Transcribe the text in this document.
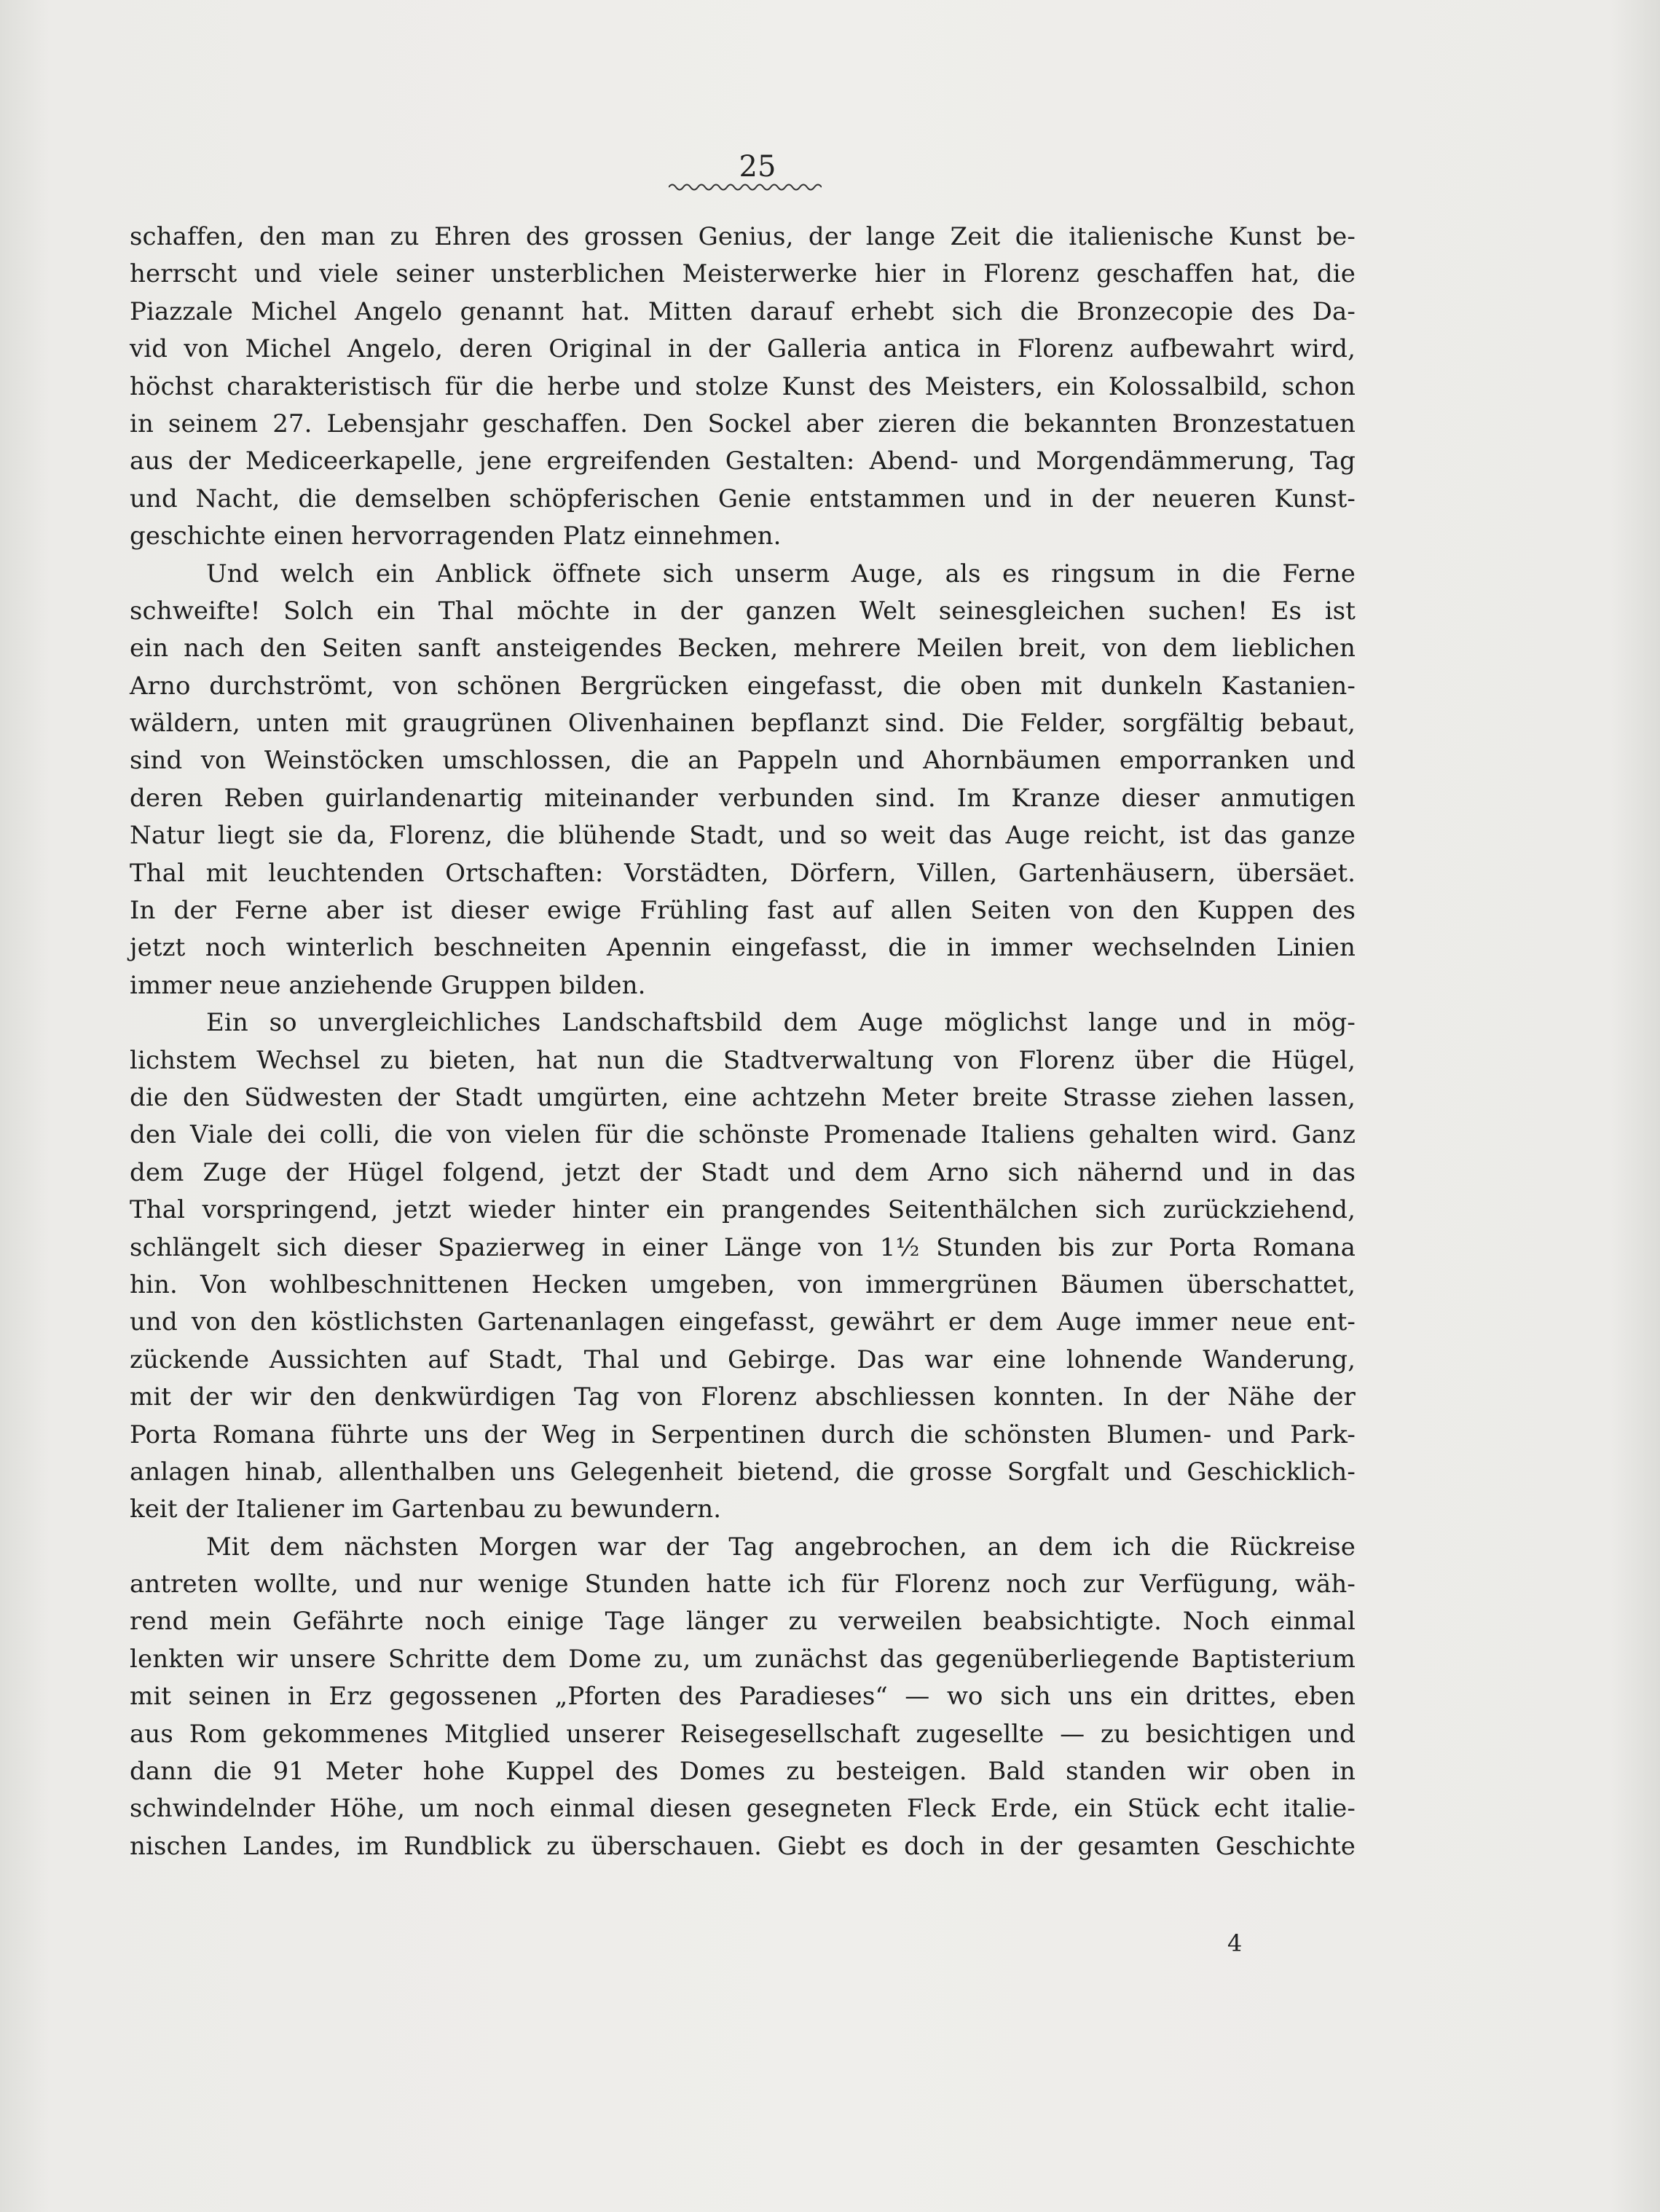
25
schaffen, den man zu Ehren des grossen Genius, der lange Zeit die italienische Kunst be-
herrscht und viele seiner unsterblichen Meisterwerke hier in Florenz geschaffen hat, die
Piazzale Michel Angelo genannt hat. Mitten darauf erhebt sich die Bronzecopie des Da-
vid von Michel Angelo, deren Original in der Galleria antica in Florenz aufbewahrt wird,
höchst charakteristisch für die herbe und stolze Kunst des Meisters, ein Kolossalbild, schon
in seinem 27. Lebensjahr geschaffen. Den Sockel aber zieren die bekannten Bronzestatuen
aus der Mediceerkapelle, jene ergreifenden Gestalten: Abend- und Morgendämmerung, Tag
und Nacht, die demselben schöpferischen Genie entstammen und in der neueren Kunst-
geschichte einen hervorragenden Platz einnehmen.
Und welch ein Anblick öffnete sich unserm Auge, als es ringsum in die Ferne
schweifte! Solch ein Thal möchte in der ganzen Welt seinesgleichen suchen! Es ist
ein nach den Seiten sanft ansteigendes Becken, mehrere Meilen breit, von dem lieblichen
Arno durchströmt, von schönen Bergrücken eingefasst, die oben mit dunkeln Kastanien-
wäldern, unten mit graugrünen Olivenhainen bepflanzt sind. Die Felder, sorgfältig bebaut,
sind von Weinstöcken umschlossen, die an Pappeln und Ahornbäumen emporranken und
deren Reben guirlandenartig miteinander verbunden sind. Im Kranze dieser anmutigen
Natur liegt sie da, Florenz, die blühende Stadt, und so weit das Auge reicht, ist das ganze
Thal mit leuchtenden Ortschaften: Vorstädten, Dörfern, Villen, Gartenhäusern, übersäet.
In der Ferne aber ist dieser ewige Frühling fast auf allen Seiten von den Kuppen des
jetzt noch winterlich beschneiten Apennin eingefasst, die in immer wechselnden Linien
immer neue anziehende Gruppen bilden.
Ein so unvergleichliches Landschaftsbild dem Auge möglichst lange und in mög-
lichstem Wechsel zu bieten, hat nun die Stadtverwaltung von Florenz über die Hügel,
die den Südwesten der Stadt umgürten, eine achtzehn Meter breite Strasse ziehen lassen,
den Viale dei colli, die von vielen für die schönste Promenade Italiens gehalten wird. Ganz
dem Zuge der Hügel folgend, jetzt der Stadt und dem Arno sich nähernd und in das
Thal vorspringend, jetzt wieder hinter ein prangendes Seitenthälchen sich zurückziehend,
schlängelt sich dieser Spazierweg in einer Länge von 1½ Stunden bis zur Porta Romana
hin. Von wohlbeschnittenen Hecken umgeben, von immergrünen Bäumen überschattet,
und von den köstlichsten Gartenanlagen eingefasst, gewährt er dem Auge immer neue ent-
zückende Aussichten auf Stadt, Thal und Gebirge. Das war eine lohnende Wanderung,
mit der wir den denkwürdigen Tag von Florenz abschliessen konnten. In der Nähe der
Porta Romana führte uns der Weg in Serpentinen durch die schönsten Blumen- und Park-
anlagen hinab, allenthalben uns Gelegenheit bietend, die grosse Sorgfalt und Geschicklich-
keit der Italiener im Gartenbau zu bewundern.
Mit dem nächsten Morgen war der Tag angebrochen, an dem ich die Rückreise
antreten wollte, und nur wenige Stunden hatte ich für Florenz noch zur Verfügung, wäh-
rend mein Gefährte noch einige Tage länger zu verweilen beabsichtigte. Noch einmal
lenkten wir unsere Schritte dem Dome zu, um zunächst das gegenüberliegende Baptisterium
mit seinen in Erz gegossenen „Pforten des Paradieses“ — wo sich uns ein drittes, eben
aus Rom gekommenes Mitglied unserer Reisegesellschaft zugesellte — zu besichtigen und
dann die 91 Meter hohe Kuppel des Domes zu besteigen. Bald standen wir oben in
schwindelnder Höhe, um noch einmal diesen gesegneten Fleck Erde, ein Stück echt italie-
nischen Landes, im Rundblick zu überschauen. Giebt es doch in der gesamten Geschichte
4
